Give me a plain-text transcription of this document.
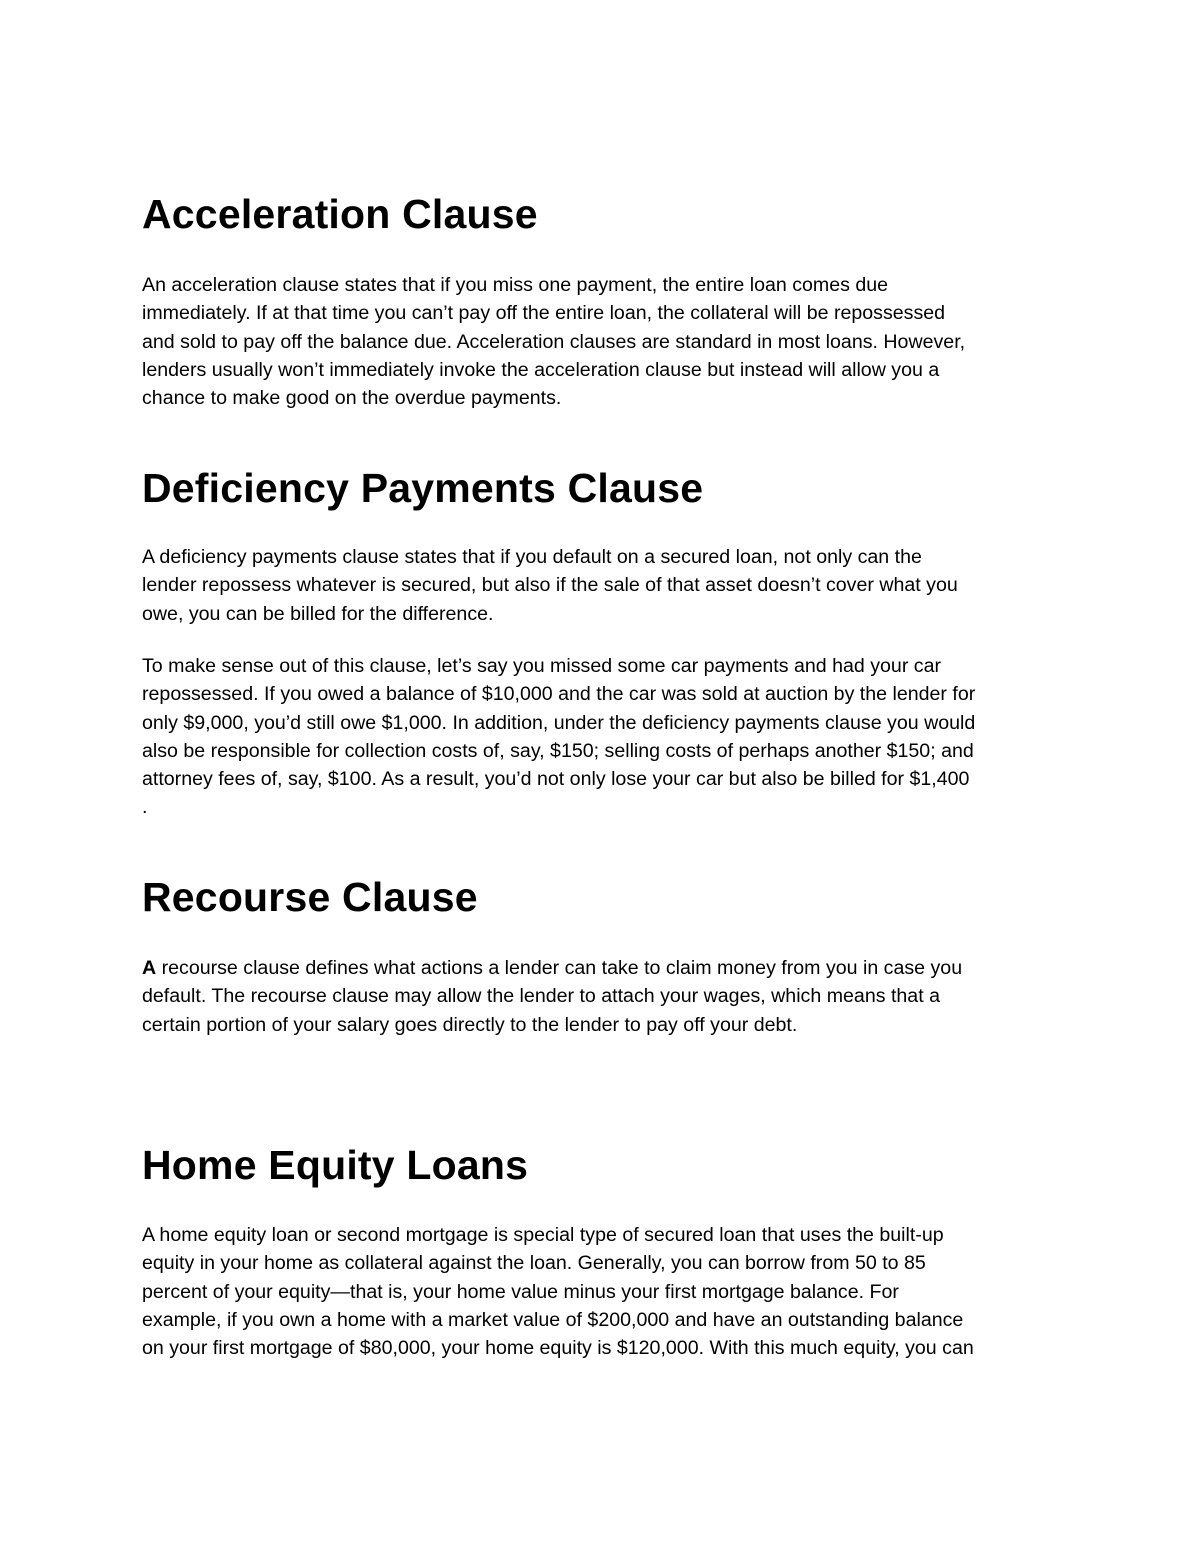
Acceleration Clause

An acceleration clause states that if you miss one payment, the entire loan comes due
immediately. If at that time you can’t pay off the entire loan, the collateral will be repossessed
and sold to pay off the balance due. Acceleration clauses are standard in most loans. However,
lenders usually won’t immediately invoke the acceleration clause but instead will allow you a
chance to make good on the overdue payments.

Deficiency Payments Clause

A deficiency payments clause states that if you default on a secured loan, not only can the
lender repossess whatever is secured, but also if the sale of that asset doesn’t cover what you
owe, you can be billed for the difference.

To make sense out of this clause, let’s say you missed some car payments and had your car
repossessed. If you owed a balance of $10,000 and the car was sold at auction by the lender for
only $9,000, you’d still owe $1,000. In addition, under the deficiency payments clause you would
also be responsible for collection costs of, say, $150; selling costs of perhaps another $150; and
attorney fees of, say, $100. As a result, you’d not only lose your car but also be billed for $1,400
.

Recourse Clause

A recourse clause defines what actions a lender can take to claim money from you in case you
default. The recourse clause may allow the lender to attach your wages, which means that a
certain portion of your salary goes directly to the lender to pay off your debt.

Home Equity Loans

A home equity loan or second mortgage is special type of secured loan that uses the built-up
equity in your home as collateral against the loan. Generally, you can borrow from 50 to 85
percent of your equity—that is, your home value minus your first mortgage balance. For
example, if you own a home with a market value of $200,000 and have an outstanding balance
on your first mortgage of $80,000, your home equity is $120,000. With this much equity, you can
